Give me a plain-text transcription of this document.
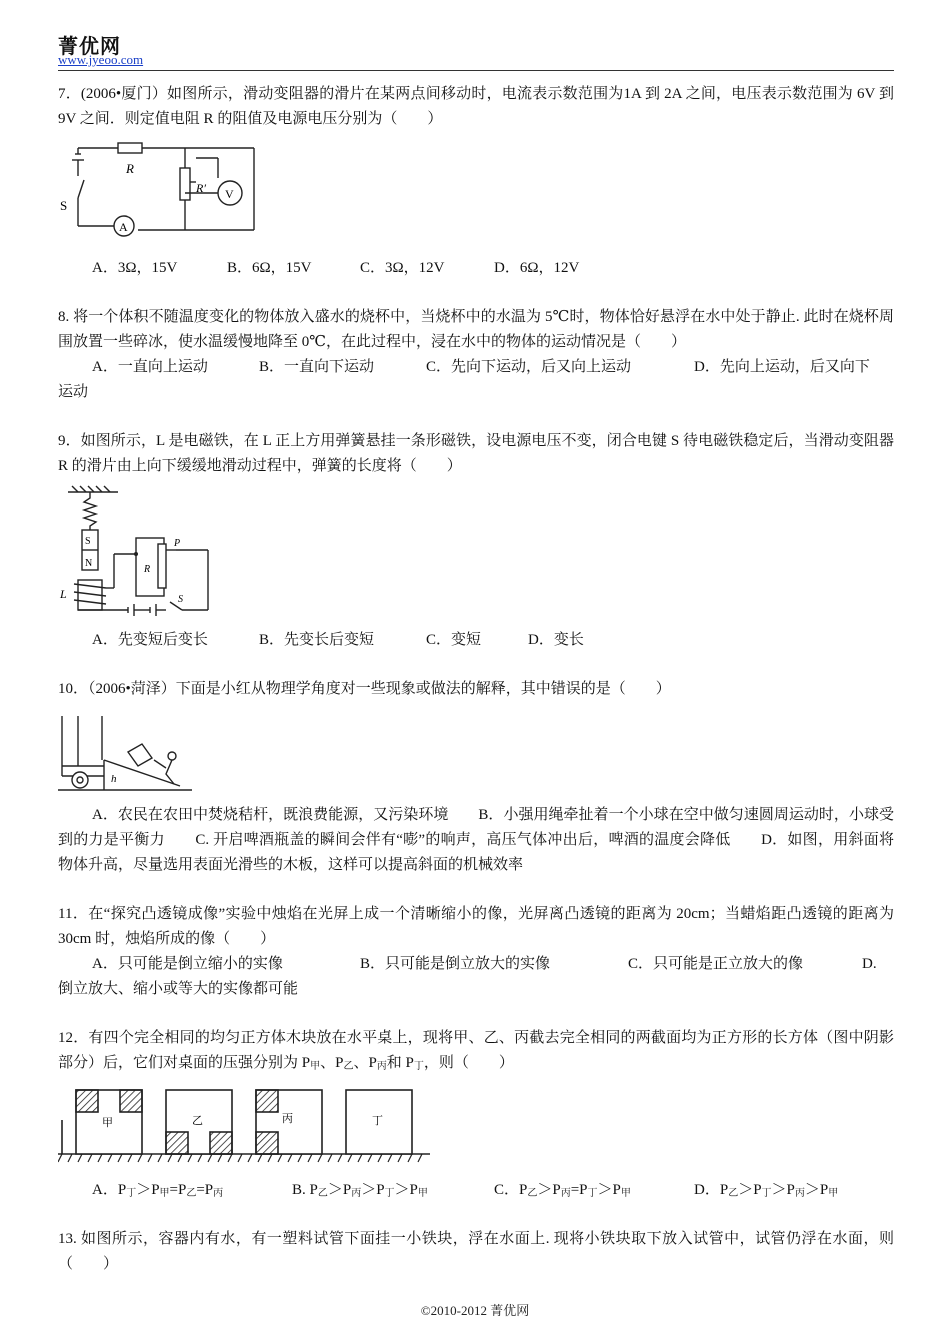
菁优网
www.jyeoo.com
7．(2006•厦门）如图所示，滑动变阻器的滑片在某两点间移动时，电流表示数范围为1A 到 2A 之间，电压表示数范围为 6V 到 9V 之间．则定值电阻 R 的阻值及电源电压分别为（　　）
R
R′
S
A
V
A．3Ω，15V	B．6Ω，15V	C．3Ω，12V	D．6Ω，12V
8. 将一个体积不随温度变化的物体放入盛水的烧杯中，当烧杯中的水温为 5℃时，物体恰好悬浮在水中处于静止. 此时在烧杯周围放置一些碎冰，使水温缓慢地降至 0℃，在此过程中，浸在水中的物体的运动情况是（　　）
A．一直向上运动	B．一直向下运动	C．先向下运动，后又向上运动	D．先向上运动，后又向下
运动
9．如图所示，L 是电磁铁，在 L 正上方用弹簧悬挂一条形磁铁，设电源电压不变，闭合电键 S 待电磁铁稳定后，当滑动变阻器 R 的滑片由上向下缓缓地滑动过程中，弹簧的长度将（　　）
S
N
L
R
P
S
A．先变短后变长	B．先变长后变短	C．变短	D．变长
10．（2006•菏泽）下面是小红从物理学角度对一些现象或做法的解释，其中错误的是（　　）
h
A．农民在农田中焚烧秸杆，既浪费能源，又污染环境　　B．小强用绳牵扯着一个小球在空中做匀速圆周运动时，小球受到的力是平衡力　　C. 开启啤酒瓶盖的瞬间会伴有“嘭”的响声，高压气体冲出后，啤酒的温度会降低　　D．如图，用斜面将物体升高，尽量选用表面光滑些的木板，这样可以提高斜面的机械效率
11．在“探究凸透镜成像”实验中烛焰在光屏上成一个清晰缩小的像，光屏离凸透镜的距离为 20cm；当蜡焰距凸透镜的距离为 30cm 时，烛焰所成的像（　　）
A．只可能是倒立缩小的实像	B．只可能是倒立放大的实像	C．只可能是正立放大的像	D.
倒立放大、缩小或等大的实像都可能
12．有四个完全相同的均匀正方体木块放在水平桌上，现将甲、乙、丙截去完全相同的两截面均为正方形的长方体（图中阴影部分）后，它们对桌面的压强分别为 $P_甲$、$P_乙$、$P_丙$和 $P_丁$，则（　　）
甲	乙	丙	丁
A．$P_丁>P_甲=P_乙=P_丙$	B. $P_乙>P_丙>P_丁>P_甲$	C．$P_乙>P_丙=P_丁>P_甲$	D．$P_乙>P_丁>P_丙>P_甲$
13. 如图所示，容器内有水，有一塑料试管下面挂一小铁块，浮在水面上. 现将小铁块取下放入试管中，试管仍浮在水面，则（　　）
©2010-2012 菁优网
